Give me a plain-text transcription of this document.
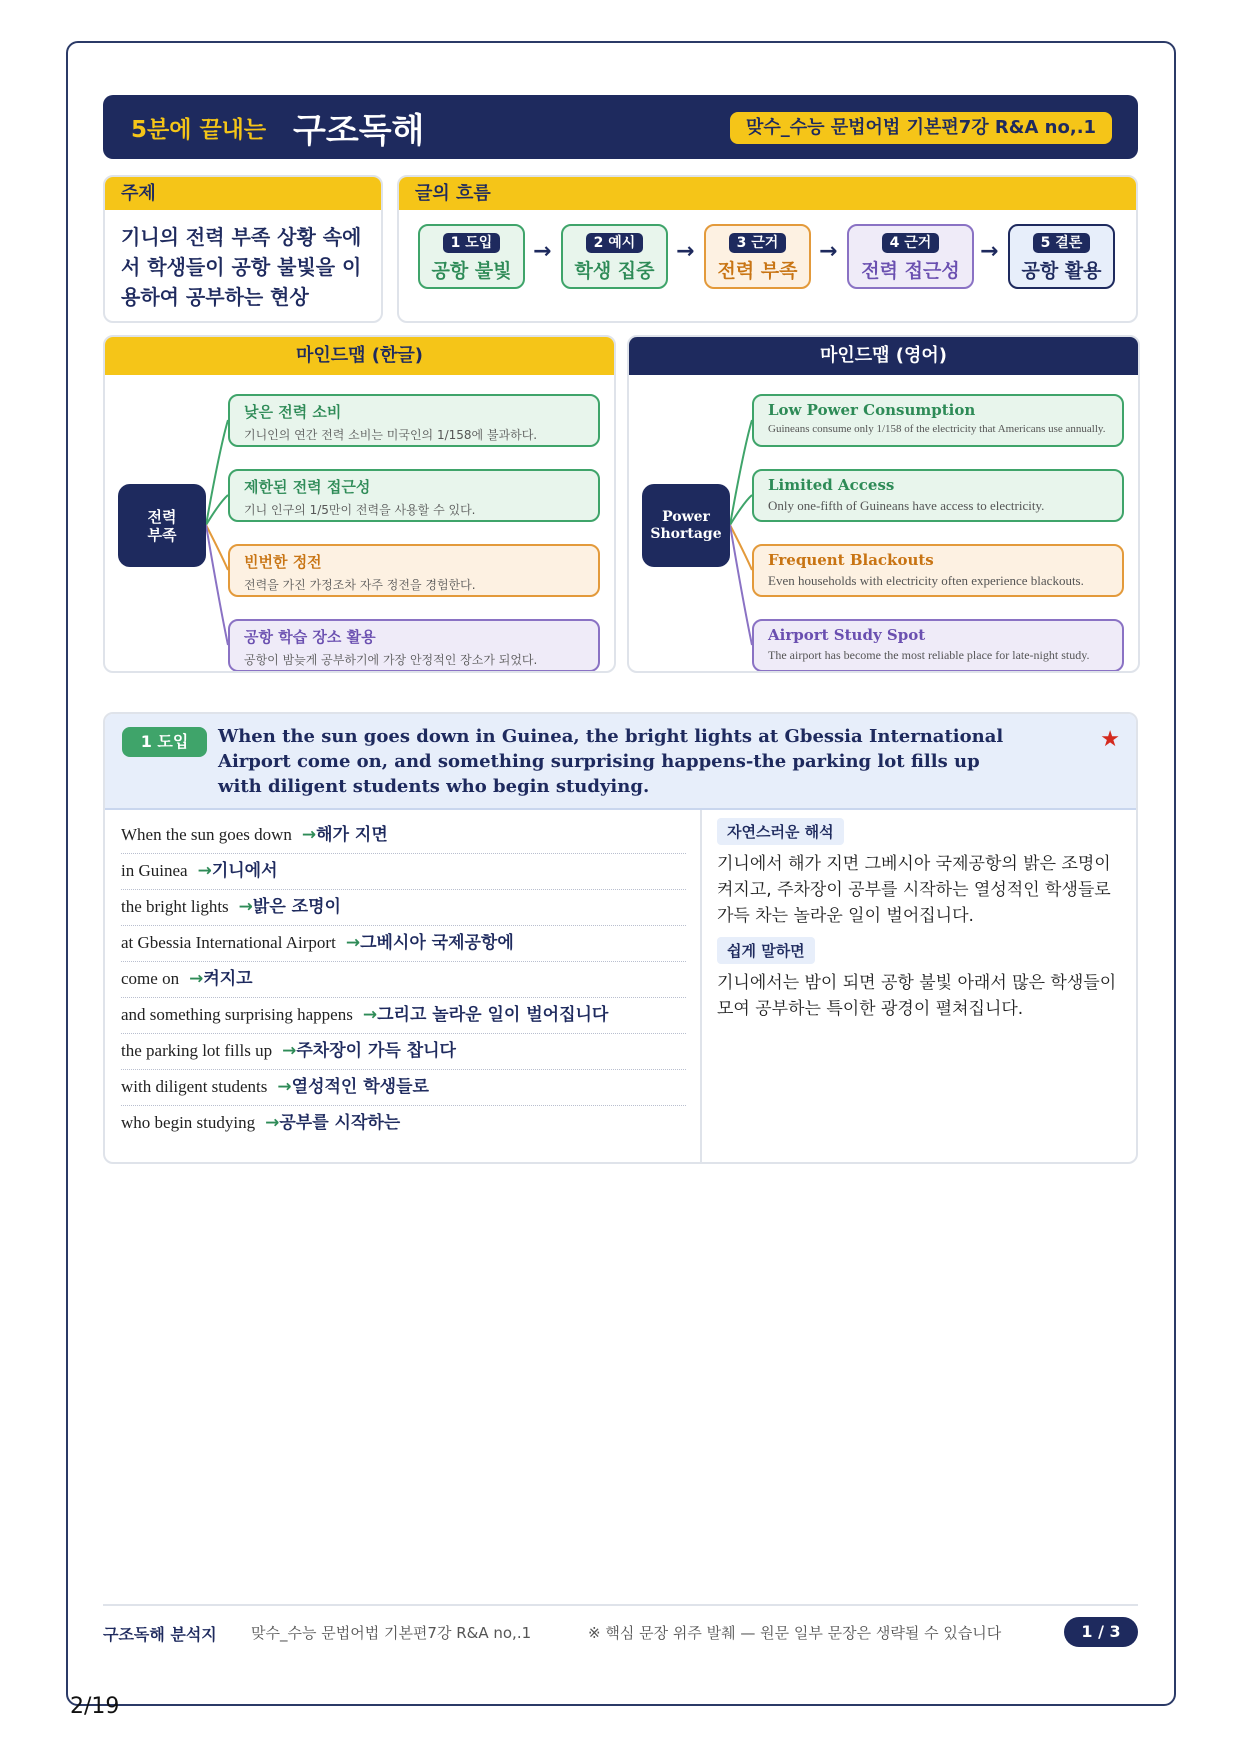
5분에 끝내는 구조독해	맞수_수능 문법어법 기본편7강 R&A no,.1
주제
기니의 전력 부족 상황 속에서 학생들이 공항 불빛을 이용하여 공부하는 현상
글의 흐름
1 도입
공항 불빛
→	2 예시
학생 집중
→	3 근거
전력 부족
→	4 근거
전력 접근성
→	5 결론
공항 활용
마인드맵 (한글)
전력
부족
낮은 전력 소비
기니인의 연간 전력 소비는 미국인의 1/158에 불과하다.
제한된 전력 접근성
기니 인구의 1/5만이 전력을 사용할 수 있다.
빈번한 정전
전력을 가진 가정조차 자주 정전을 경험한다.
공항 학습 장소 활용
공항이 밤늦게 공부하기에 가장 안정적인 장소가 되었다.
마인드맵 (영어)
Power
Shortage
Low Power Consumption
Guineans consume only 1/158 of the electricity that Americans use annually.
Limited Access
Only one-fifth of Guineans have access to electricity.
Frequent Blackouts
Even households with electricity often experience blackouts.
Airport Study Spot
The airport has become the most reliable place for late-night study.
1 도입	When the sun goes down in Guinea, the bright lights at Gbessia International Airport come on, and something surprising happens-the parking lot fills up with diligent students who begin studying.
★
When the sun goes down →해가 지면
in Guinea →기니에서
the bright lights →밝은 조명이
at Gbessia International Airport →그베시아 국제공항에
come on →켜지고
and something surprising happens →그리고 놀라운 일이 벌어집니다
the parking lot fills up →주차장이 가득 찹니다
with diligent students →열성적인 학생들로
who begin studying →공부를 시작하는
자연스러운 해석
기니에서 해가 지면 그베시아 국제공항의 밝은 조명이 켜지고, 주차장이 공부를 시작하는 열성적인 학생들로 가득 차는 놀라운 일이 벌어집니다.
쉽게 말하면
기니에서는 밤이 되면 공항 불빛 아래서 많은 학생들이 모여 공부하는 특이한 광경이 펼쳐집니다.
구조독해 분석지 맞수_수능 문법어법 기본편7강 R&A no,.1	※ 핵심 문장 위주 발췌 — 원문 일부 문장은 생략될 수 있습니다	1 / 3
2/19
